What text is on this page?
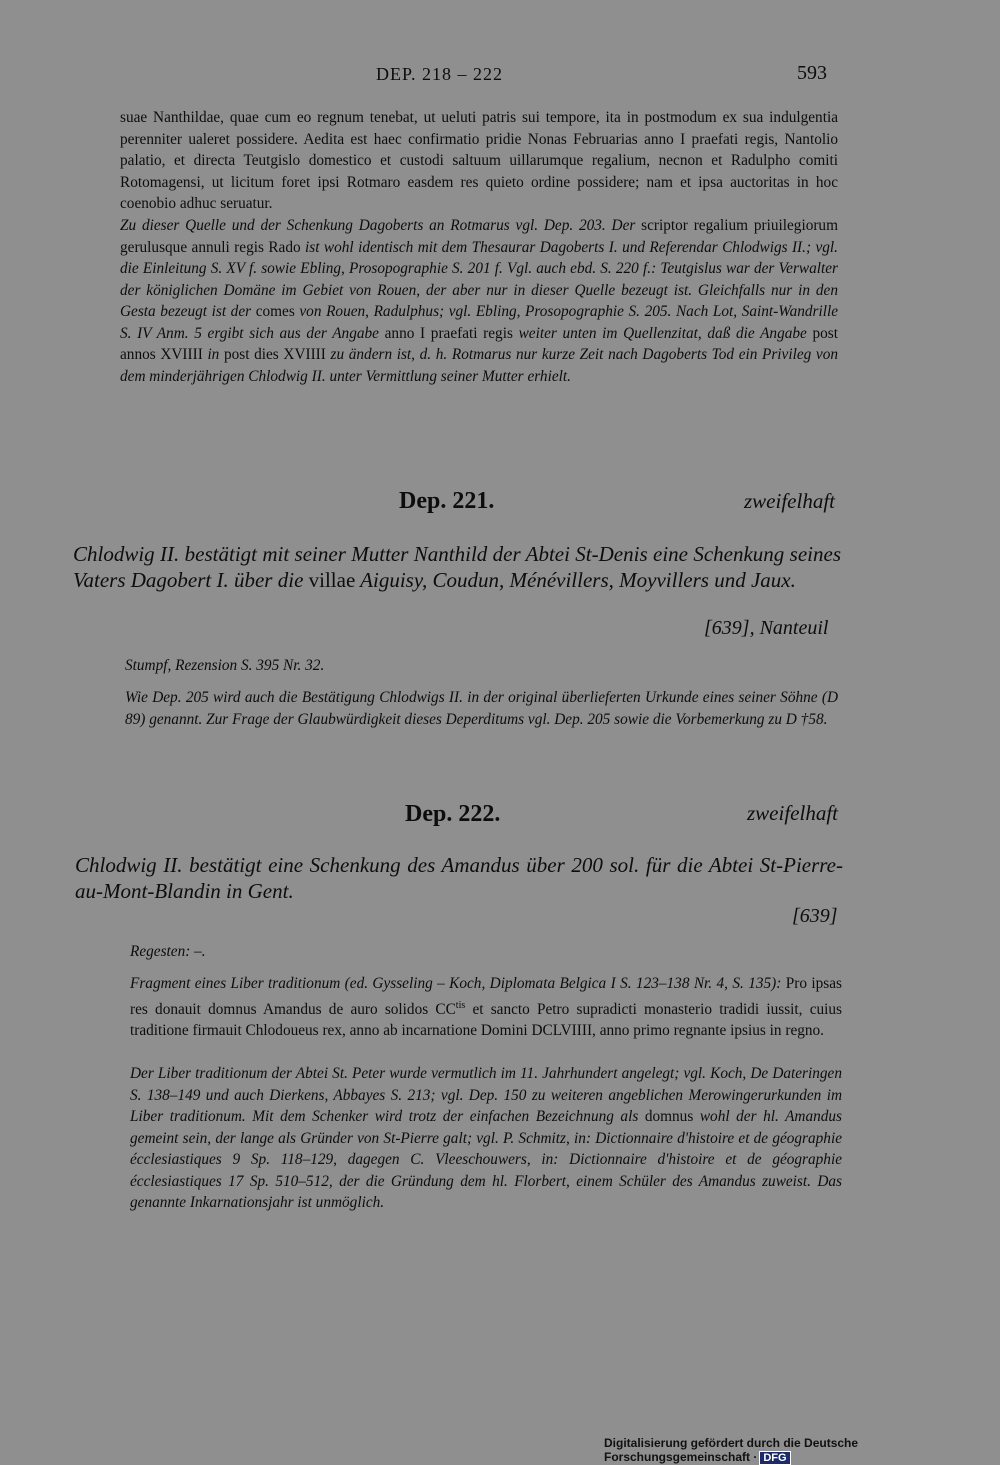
DEP. 218 – 222	593
suae Nanthildae, quae cum eo regnum tenebat, ut ueluti patris sui tempore, ita in postmodum ex sua indulgentia perenniter ualeret possidere. Aedita est haec confirmatio pridie Nonas Februarias anno I praefati regis, Nantolio palatio, et directa Teutgislo domestico et custodi saltuum uillarumque regalium, necnon et Radulpho comiti Rotomagensi, ut licitum foret ipsi Rotmaro easdem res quieto ordine possidere; nam et ipsa auctoritas in hoc coenobio adhuc seruatur.
Zu dieser Quelle und der Schenkung Dagoberts an Rotmarus vgl. Dep. 203. Der scriptor regalium priuilegiorum gerulusque annuli regis Rado ist wohl identisch mit dem Thesaurar Dagoberts I. und Referendar Chlodwigs II.; vgl. die Einleitung S. XV f. sowie Ebling, Prosopographie S. 201 f. Vgl. auch ebd. S. 220 f.: Teutgislus war der Verwalter der königlichen Domäne im Gebiet von Rouen, der aber nur in dieser Quelle bezeugt ist. Gleichfalls nur in den Gesta bezeugt ist der comes von Rouen, Radulphus; vgl. Ebling, Prosopographie S. 205. Nach Lot, Saint-Wandrille S. IV Anm. 5 ergibt sich aus der Angabe anno I praefati regis weiter unten im Quellenzitat, daß die Angabe post annos XVIIII in post dies XVIIII zu ändern ist, d. h. Rotmarus nur kurze Zeit nach Dagoberts Tod ein Privileg von dem minderjährigen Chlodwig II. unter Vermittlung seiner Mutter erhielt.
Dep. 221.	zweifelhaft
Chlodwig II. bestätigt mit seiner Mutter Nanthild der Abtei St-Denis eine Schenkung seines Vaters Dagobert I. über die villae Aiguisy, Coudun, Ménévillers, Moyvillers und Jaux.
[639], Nanteuil
Stumpf, Rezension S. 395 Nr. 32.
Wie Dep. 205 wird auch die Bestätigung Chlodwigs II. in der original überlieferten Urkunde eines seiner Söhne (D 89) genannt. Zur Frage der Glaubwürdigkeit dieses Deperditums vgl. Dep. 205 sowie die Vorbemerkung zu D †58.
Dep. 222.	zweifelhaft
Chlodwig II. bestätigt eine Schenkung des Amandus über 200 sol. für die Abtei St-Pierre-au-Mont-Blandin in Gent.
[639]
Regesten: –.
Fragment eines Liber traditionum (ed. Gysseling – Koch, Diplomata Belgica I S. 123–138 Nr. 4, S. 135): Pro ipsas res donauit domnus Amandus de auro solidos $CC^{tis}$ et sancto Petro supradicti monasterio tradidi iussit, cuius traditione firmauit Chlodoueus rex, anno ab incarnatione Domini DCLVIIII, anno primo regnante ipsius in regno.
Der Liber traditionum der Abtei St. Peter wurde vermutlich im 11. Jahrhundert angelegt; vgl. Koch, De Dateringen S. 138–149 und auch Dierkens, Abbayes S. 213; vgl. Dep. 150 zu weiteren angeblichen Merowingerurkunden im Liber traditionum. Mit dem Schenker wird trotz der einfachen Bezeichnung als domnus wohl der hl. Amandus gemeint sein, der lange als Gründer von St-Pierre galt; vgl. P. Schmitz, in: Dictionnaire d'histoire et de géographie écclesiastiques 9 Sp. 118–129, dagegen C. Vleeschouwers, in: Dictionnaire d'histoire et de géographie écclesiastiques 17 Sp. 510–512, der die Gründung dem hl. Florbert, einem Schüler des Amandus zuweist. Das genannte Inkarnationsjahr ist unmöglich.
Digitalisierung gefördert durch die Deutsche Forschungsgemeinschaft · DFG
